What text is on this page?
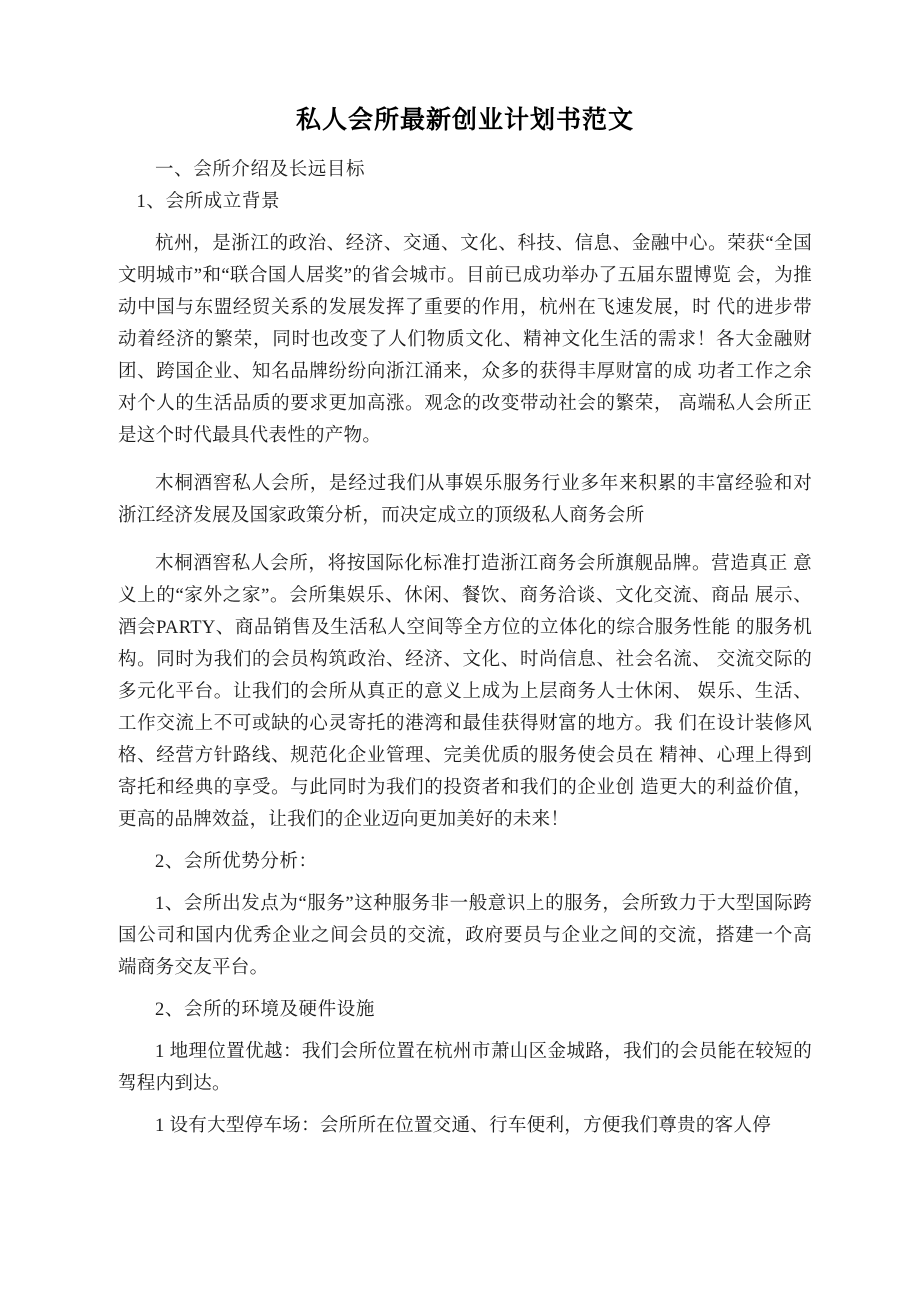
私人会所最新创业计划书范文

一、会所介绍及长远目标

1、会所成立背景

杭州，是浙江的政治、经济、交通、文化、科技、信息、金融中心。荣获“全国文明城市”和“联合国人居奖”的省会城市。目前已成功举办了五届东盟博览 会，为推动中国与东盟经贸关系的发展发挥了重要的作用，杭州在飞速发展，时 代的进步带动着经济的繁荣，同时也改变了人们物质文化、精神文化生活的需求！各大金融财团、跨国企业、知名品牌纷纷向浙江涌来，众多的获得丰厚财富的成 功者工作之余对个人的生活品质的要求更加高涨。观念的改变带动社会的繁荣， 高端私人会所正是这个时代最具代表性的产物。

木桐酒窖私人会所，是经过我们从事娱乐服务行业多年来积累的丰富经验和对浙江经济发展及国家政策分析，而决定成立的顶级私人商务会所

木桐酒窖私人会所，将按国际化标准打造浙江商务会所旗舰品牌。营造真正 意义上的“家外之家”。会所集娱乐、休闲、餐饮、商务洽谈、文化交流、商品 展示、酒会PARTY、商品销售及生活私人空间等全方位的立体化的综合服务性能 的服务机构。同时为我们的会员构筑政治、经济、文化、时尚信息、社会名流、 交流交际的多元化平台。让我们的会所从真正的意义上成为上层商务人士休闲、 娱乐、生活、工作交流上不可或缺的心灵寄托的港湾和最佳获得财富的地方。我 们在设计装修风格、经营方针路线、规范化企业管理、完美优质的服务使会员在 精神、心理上得到寄托和经典的享受。与此同时为我们的投资者和我们的企业创 造更大的利益价值，更高的品牌效益，让我们的企业迈向更加美好的未来！

2、会所优势分析：

1、会所出发点为“服务”这种服务非一般意识上的服务，会所致力于大型国际跨国公司和国内优秀企业之间会员的交流，政府要员与企业之间的交流，搭建一个高端商务交友平台。

2、会所的环境及硬件设施

1 地理位置优越：我们会所位置在杭州市萧山区金城路，我们的会员能在较短的驾程内到达。

1 设有大型停车场：会所所在位置交通、行车便利，方便我们尊贵的客人停
